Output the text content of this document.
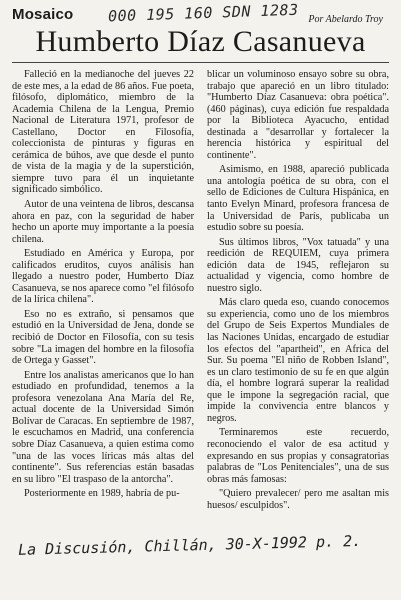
Mosaico 000 195 160 SDN 1283 Por Abelardo Troy
Humberto Díaz Casanueva

Falleció en la medianoche del jueves 22 de este mes, a la edad de 86 años. Fue poeta, filósofo, diplomático, miembro de la Academia Chilena de la Lengua, Premio Nacional de Literatura 1971, profesor de Castellano, Doctor en Filosofía, coleccionista de pinturas y figuras en cerámica de búhos, ave que desde el punto de vista de la magia y de la superstición, siempre tuvo para él un inquietante significado simbólico.

Autor de una veintena de libros, descansa ahora en paz, con la seguridad de haber hecho un aporte muy importante a la poesía chilena.

Estudiado en América y Europa, por calificados eruditos, cuyos análisis han llegado a nuestro poder, Humberto Díaz Casanueva, se nos aparece como "el filósofo de la lírica chilena".

Eso no es extraño, si pensamos que estudió en la Universidad de Jena, donde se recibió de Doctor en Filosofía, con su tesis sobre "La imagen del hombre en la filosofía de Ortega y Gasset".

Entre los analistas americanos que lo han estudiado en profundidad, tenemos a la profesora venezolana Ana María del Re, actual docente de la Universidad Simón Bolívar de Caracas. En septiembre de 1987, le escuchamos en Madrid, una conferencia sobre Díaz Casanueva, a quien estima como "una de las voces líricas más altas del continente". Sus referencias están basadas en su libro "El traspaso de la antorcha".

Posteriormente en 1989, habría de pu-

blicar un voluminoso ensayo sobre su obra, trabajo que apareció en un libro titulado: "Humberto Díaz Casanueva: obra poética". (460 páginas), cuya edición fue respaldada por la Biblioteca Ayacucho, entidad destinada a "desarrollar y fortalecer la herencia histórica y espiritual del continente".

Asimismo, en 1988, apareció publicada una antología poética de su obra, con el sello de Ediciones de Cultura Hispánica, en tanto Evelyn Minard, profesora francesa de la Universidad de París, publicaba un estudio sobre su poesía.

Sus últimos libros, "Vox tatuada" y una reedición de REQUIEM, cuya primera edición data de 1945, reflejaron su actualidad y vigencia, como hombre de nuestro siglo.

Más claro queda eso, cuando conocemos su experiencia, como uno de los miembros del Grupo de Seis Expertos Mundiales de las Naciones Unidas, encargado de estudiar los efectos del "apartheid", en Africa del Sur. Su poema "El niño de Robben Island", es un claro testimonio de su fe en que algún día, el hombre logrará superar la realidad que le impone la segregación racial, que impide la convivencia entre blancos y negros.

Terminaremos este recuerdo, reconociendo el valor de esa actitud y expresando en sus propias y consagratorias palabras de "Los Penitenciales", una de sus obras más famosas:

"Quiero prevalecer/ pero me asaltan mis huesos/ esculpidos".

La Discusión, Chillán, 30-X-1992 p. 2.
